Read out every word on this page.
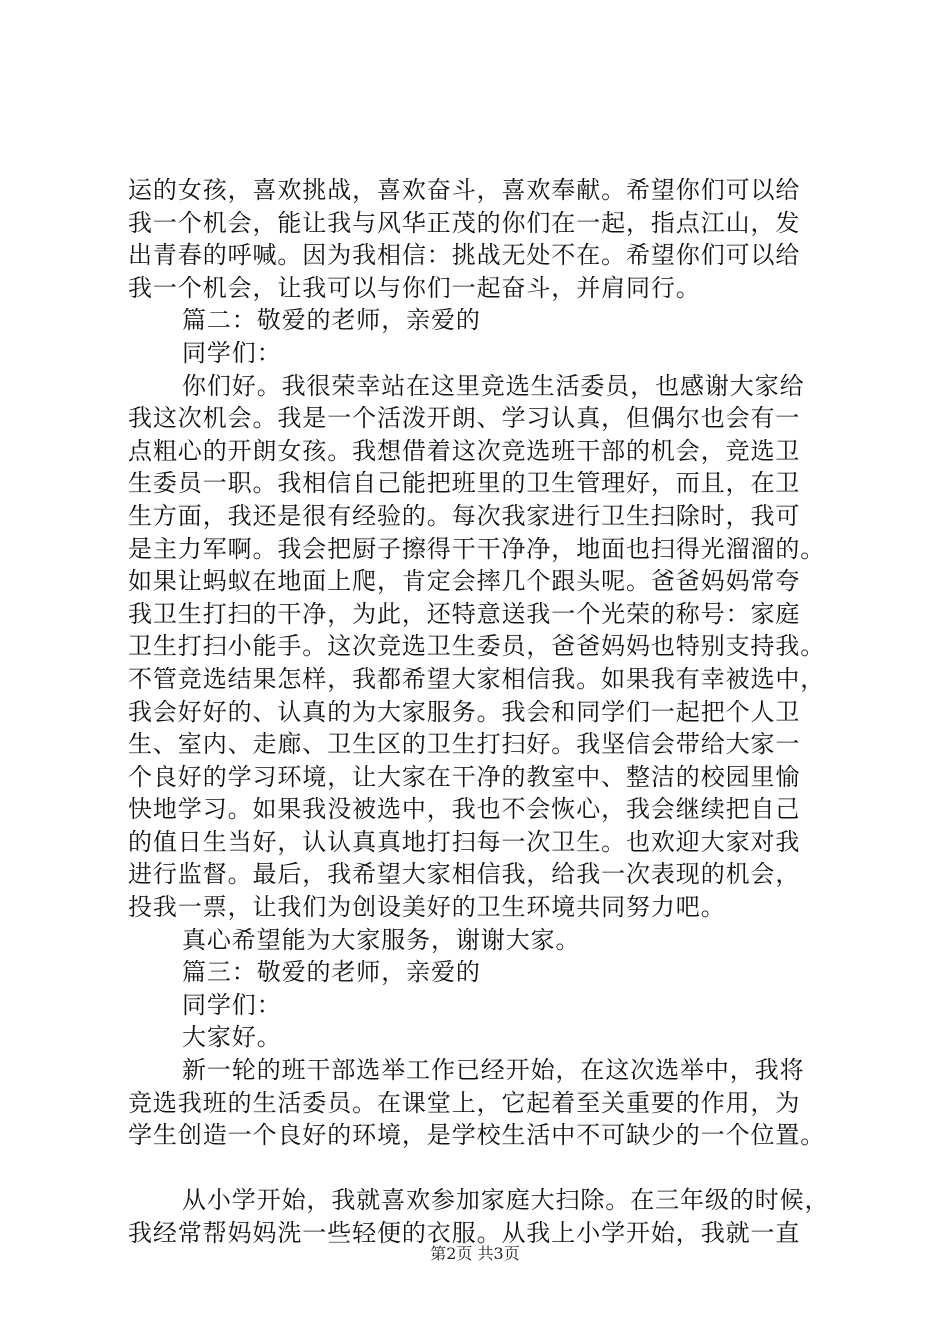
运的女孩，喜欢挑战，喜欢奋斗，喜欢奉献。希望你们可以给
我一个机会，能让我与风华正茂的你们在一起，指点江山，发
出青春的呼喊。因为我相信：挑战无处不在。希望你们可以给
我一个机会，让我可以与你们一起奋斗，并肩同行。
篇二：敬爱的老师，亲爱的
同学们：
你们好。我很荣幸站在这里竞选生活委员，也感谢大家给
我这次机会。我是一个活泼开朗、学习认真，但偶尔也会有一
点粗心的开朗女孩。我想借着这次竞选班干部的机会，竞选卫
生委员一职。我相信自己能把班里的卫生管理好，而且，在卫
生方面，我还是很有经验的。每次我家进行卫生扫除时，我可
是主力军啊。我会把厨子擦得干干净净，地面也扫得光溜溜的。
如果让蚂蚁在地面上爬，肯定会摔几个跟头呢。爸爸妈妈常夸
我卫生打扫的干净，为此，还特意送我一个光荣的称号：家庭
卫生打扫小能手。这次竞选卫生委员，爸爸妈妈也特别支持我。
不管竞选结果怎样，我都希望大家相信我。如果我有幸被选中，
我会好好的、认真的为大家服务。我会和同学们一起把个人卫
生、室内、走廊、卫生区的卫生打扫好。我坚信会带给大家一
个良好的学习环境，让大家在干净的教室中、整洁的校园里愉
快地学习。如果我没被选中，我也不会恢心，我会继续把自己
的值日生当好，认认真真地打扫每一次卫生。也欢迎大家对我
进行监督。最后，我希望大家相信我，给我一次表现的机会，
投我一票，让我们为创设美好的卫生环境共同努力吧。
真心希望能为大家服务，谢谢大家。
篇三：敬爱的老师，亲爱的
同学们：
大家好。
新一轮的班干部选举工作已经开始，在这次选举中，我将
竞选我班的生活委员。在课堂上，它起着至关重要的作用，为
学生创造一个良好的环境，是学校生活中不可缺少的一个位置。
从小学开始，我就喜欢参加家庭大扫除。在三年级的时候，
我经常帮妈妈洗一些轻便的衣服。从我上小学开始，我就一直
第2页 共3页
